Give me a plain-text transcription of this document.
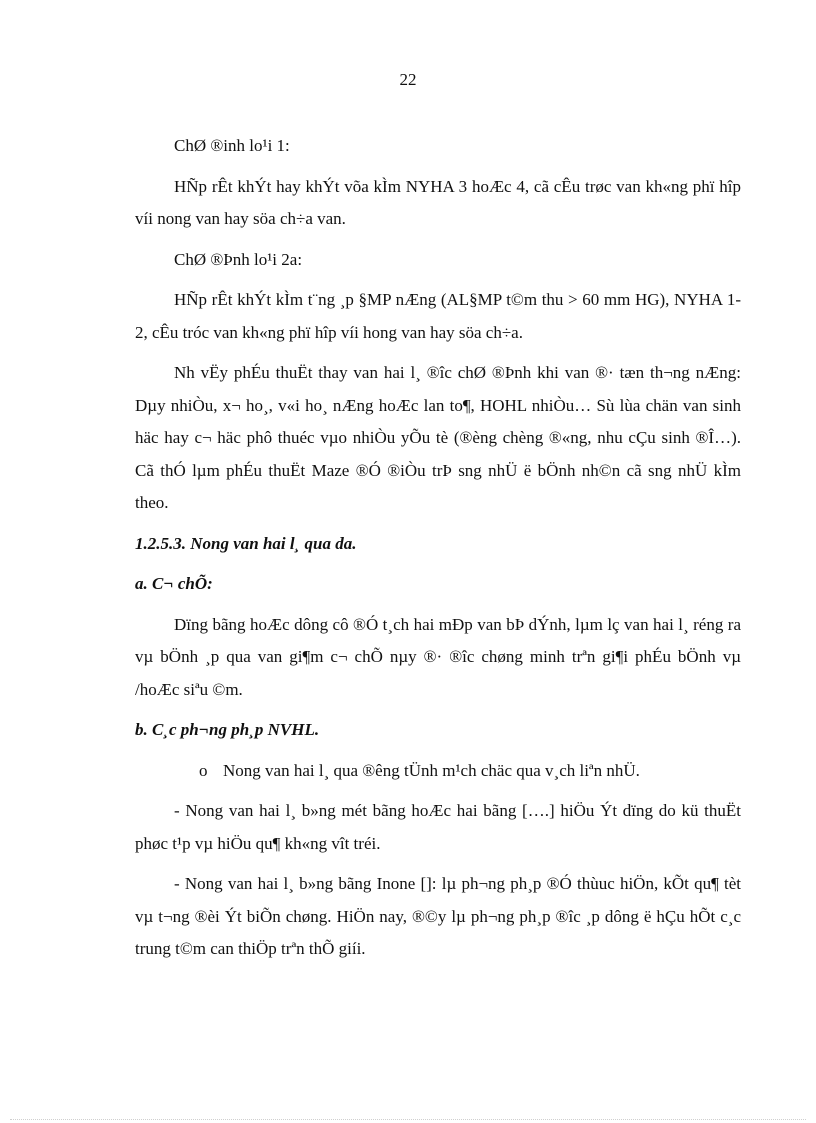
22

ChØ ®inh lo¹i 1:

HÑp rÊt khÝt hay khÝt võa kÌm NYHA 3 hoÆc 4, cã cÊu trøc van kh«ng phï hîp víi nong van hay söa ch÷a van.

ChØ ®Þnh lo¹i 2a:

HÑp rÊt khÝt kÌm t¨ng ¸p §MP nÆng (AL§MP t©m thu > 60 mm HG), NYHA 1-2, cÊu tróc van kh«ng phï hîp víi hong van hay söa ch÷a.

Nh vËy phÉu thuËt thay van hai l¸ ®îc chØ ®Þnh khi van ®· tæn th¬ng nÆng: Dµy nhiÒu, x¬ ho¸, v«i ho¸ nÆng hoÆc lan to¶, HOHL nhiÒu… Sù lùa chän van sinh häc hay c¬ häc phô thuéc vµo nhiÒu yÕu tè (®èng chèng ®«ng, nhu cÇu sinh ®Î…). Cã thÓ lµm phÉu thuËt Maze ®Ó ®iÒu trÞ sng nhÜ ë bÖnh nh©n cã sng nhÜ kÌm theo.

1.2.5.3. Nong van hai l¸ qua da.

a. C¬ chÕ:

Dïng bãng hoÆc dông cô ®Ó t¸ch hai mÐp van bÞ dÝnh, lµm lç van hai l¸ réng ra vµ bÖnh ¸p qua van gi¶m c¬ chÕ nµy ®· ®îc chøng minh trªn gi¶i phÉu bÖnh vµ /hoÆc siªu ©m.

b. C¸c ph¬ng ph¸p NVHL.

o Nong van hai l¸ qua ®êng tÜnh m¹ch chäc qua v¸ch liªn nhÜ.

- Nong van hai l¸ b»ng mét bãng hoÆc hai bãng [….] hiÖu Ýt dïng do kü thuËt phøc t¹p vµ hiÖu qu¶ kh«ng vît tréi.

- Nong van hai l¸ b»ng bãng Inone []: lµ ph¬ng ph¸p ®Ó thùuc hiÖn, kÕt qu¶ tèt vµ t¬ng ®èi Ýt biÕn chøng. HiÖn nay, ®©y lµ ph¬ng ph¸p ®îc ¸p dông ë hÇu hÕt c¸c trung t©m can thiÖp trªn thÕ giíi.
